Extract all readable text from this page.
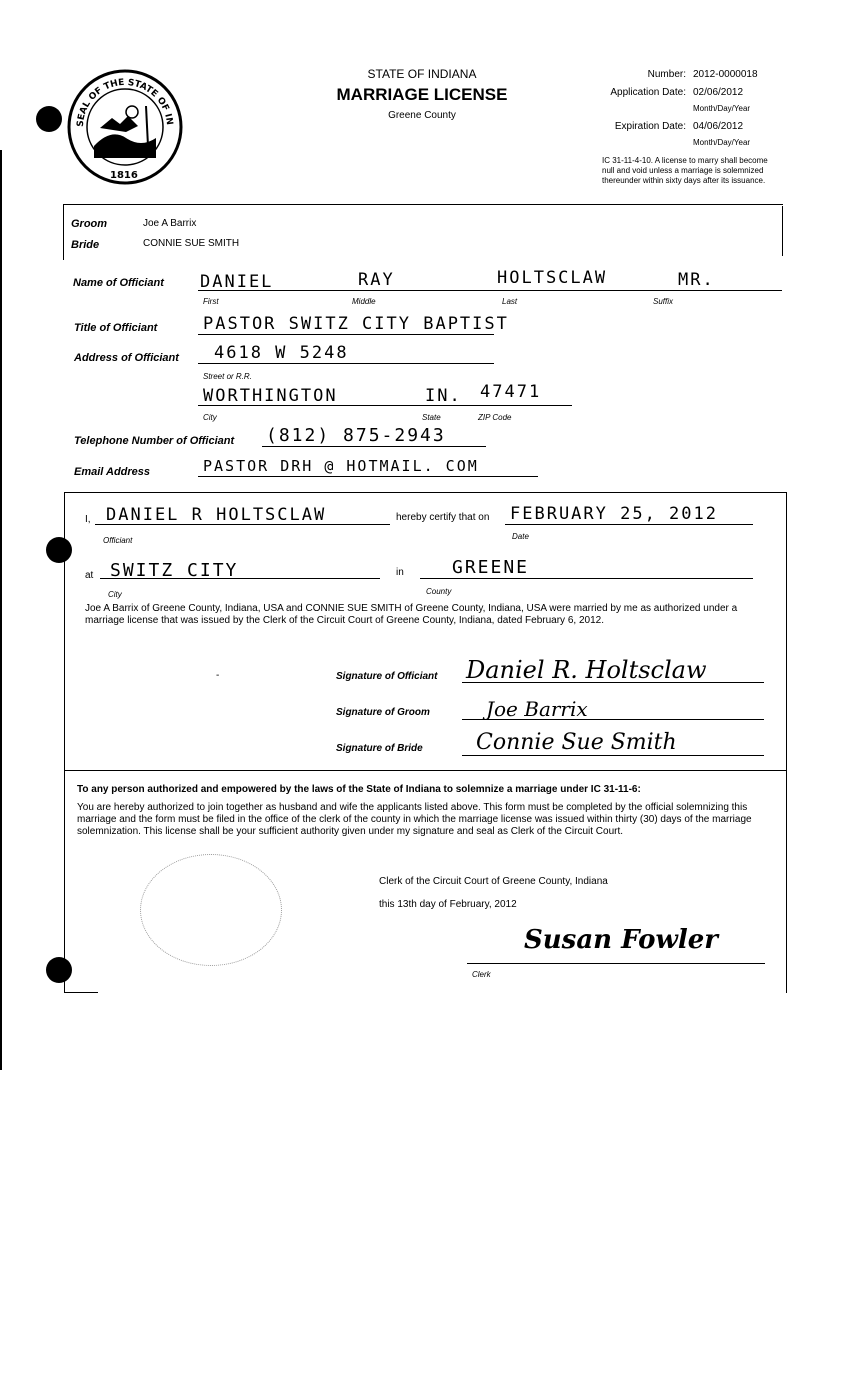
SEAL OF THE STATE OF IN
1816
STATE OF INDIANA
MARRIAGE LICENSE
Greene County
Number: 2012-0000018
Application Date: 02/06/2012
Month/Day/Year
Expiration Date: 04/06/2012
Month/Day/Year
IC 31-11-4-10. A license to marry shall become null and void unless a marriage is solemnized thereunder within sixty days after its issuance.
Groom	Joe A Barrix
Bride	CONNIE SUE SMITH
Name of Officiant DANIEL	RAY	HOLTSCLAW	MR.
First	Middle	Last	Suffix
Title of Officiant	PASTOR SWITZ CITY BAPTIST
Address of Officiant 4618 W 5248
Street or R.R.
WORTHINGTON	IN. 47471
City	State	ZIP Code
Telephone Number of Officiant (812) 875-2943
Email Address	PASTOR DRH @ HOTMAIL. COM
I, DANIEL R HOLTSCLAW
Officiant
hereby certify that on FEBRUARY 25, 2012
Date
at SWITZ CITY
City
in	GREENE
County

Joe A Barrix of Greene County, Indiana, USA and CONNIE SUE SMITH of Greene County, Indiana, USA were married by me as authorized under a marriage license that was issued by the Clerk of the Circuit Court of Greene County, Indiana, dated February 6, 2012.

-	Signature of Officiant Daniel R. Holtsclaw
Signature of Groom	Joe Barrix
Signature of Bride Connie Sue Smith
To any person authorized and empowered by the laws of the State of Indiana to solemnize a marriage under IC 31-11-6:

You are hereby authorized to join together as husband and wife the applicants listed above. This form must be completed by the official solemnizing this marriage and the form must be filed in the office of the clerk of the county in which the marriage license was issued within thirty (30) days of the marriage solemnization. This license shall be your sufficient authority given under my signature and seal as Clerk of the Circuit Court.

Clerk of the Circuit Court of Greene County, Indiana
this 13th day of February, 2012
Susan Fowler
Clerk
